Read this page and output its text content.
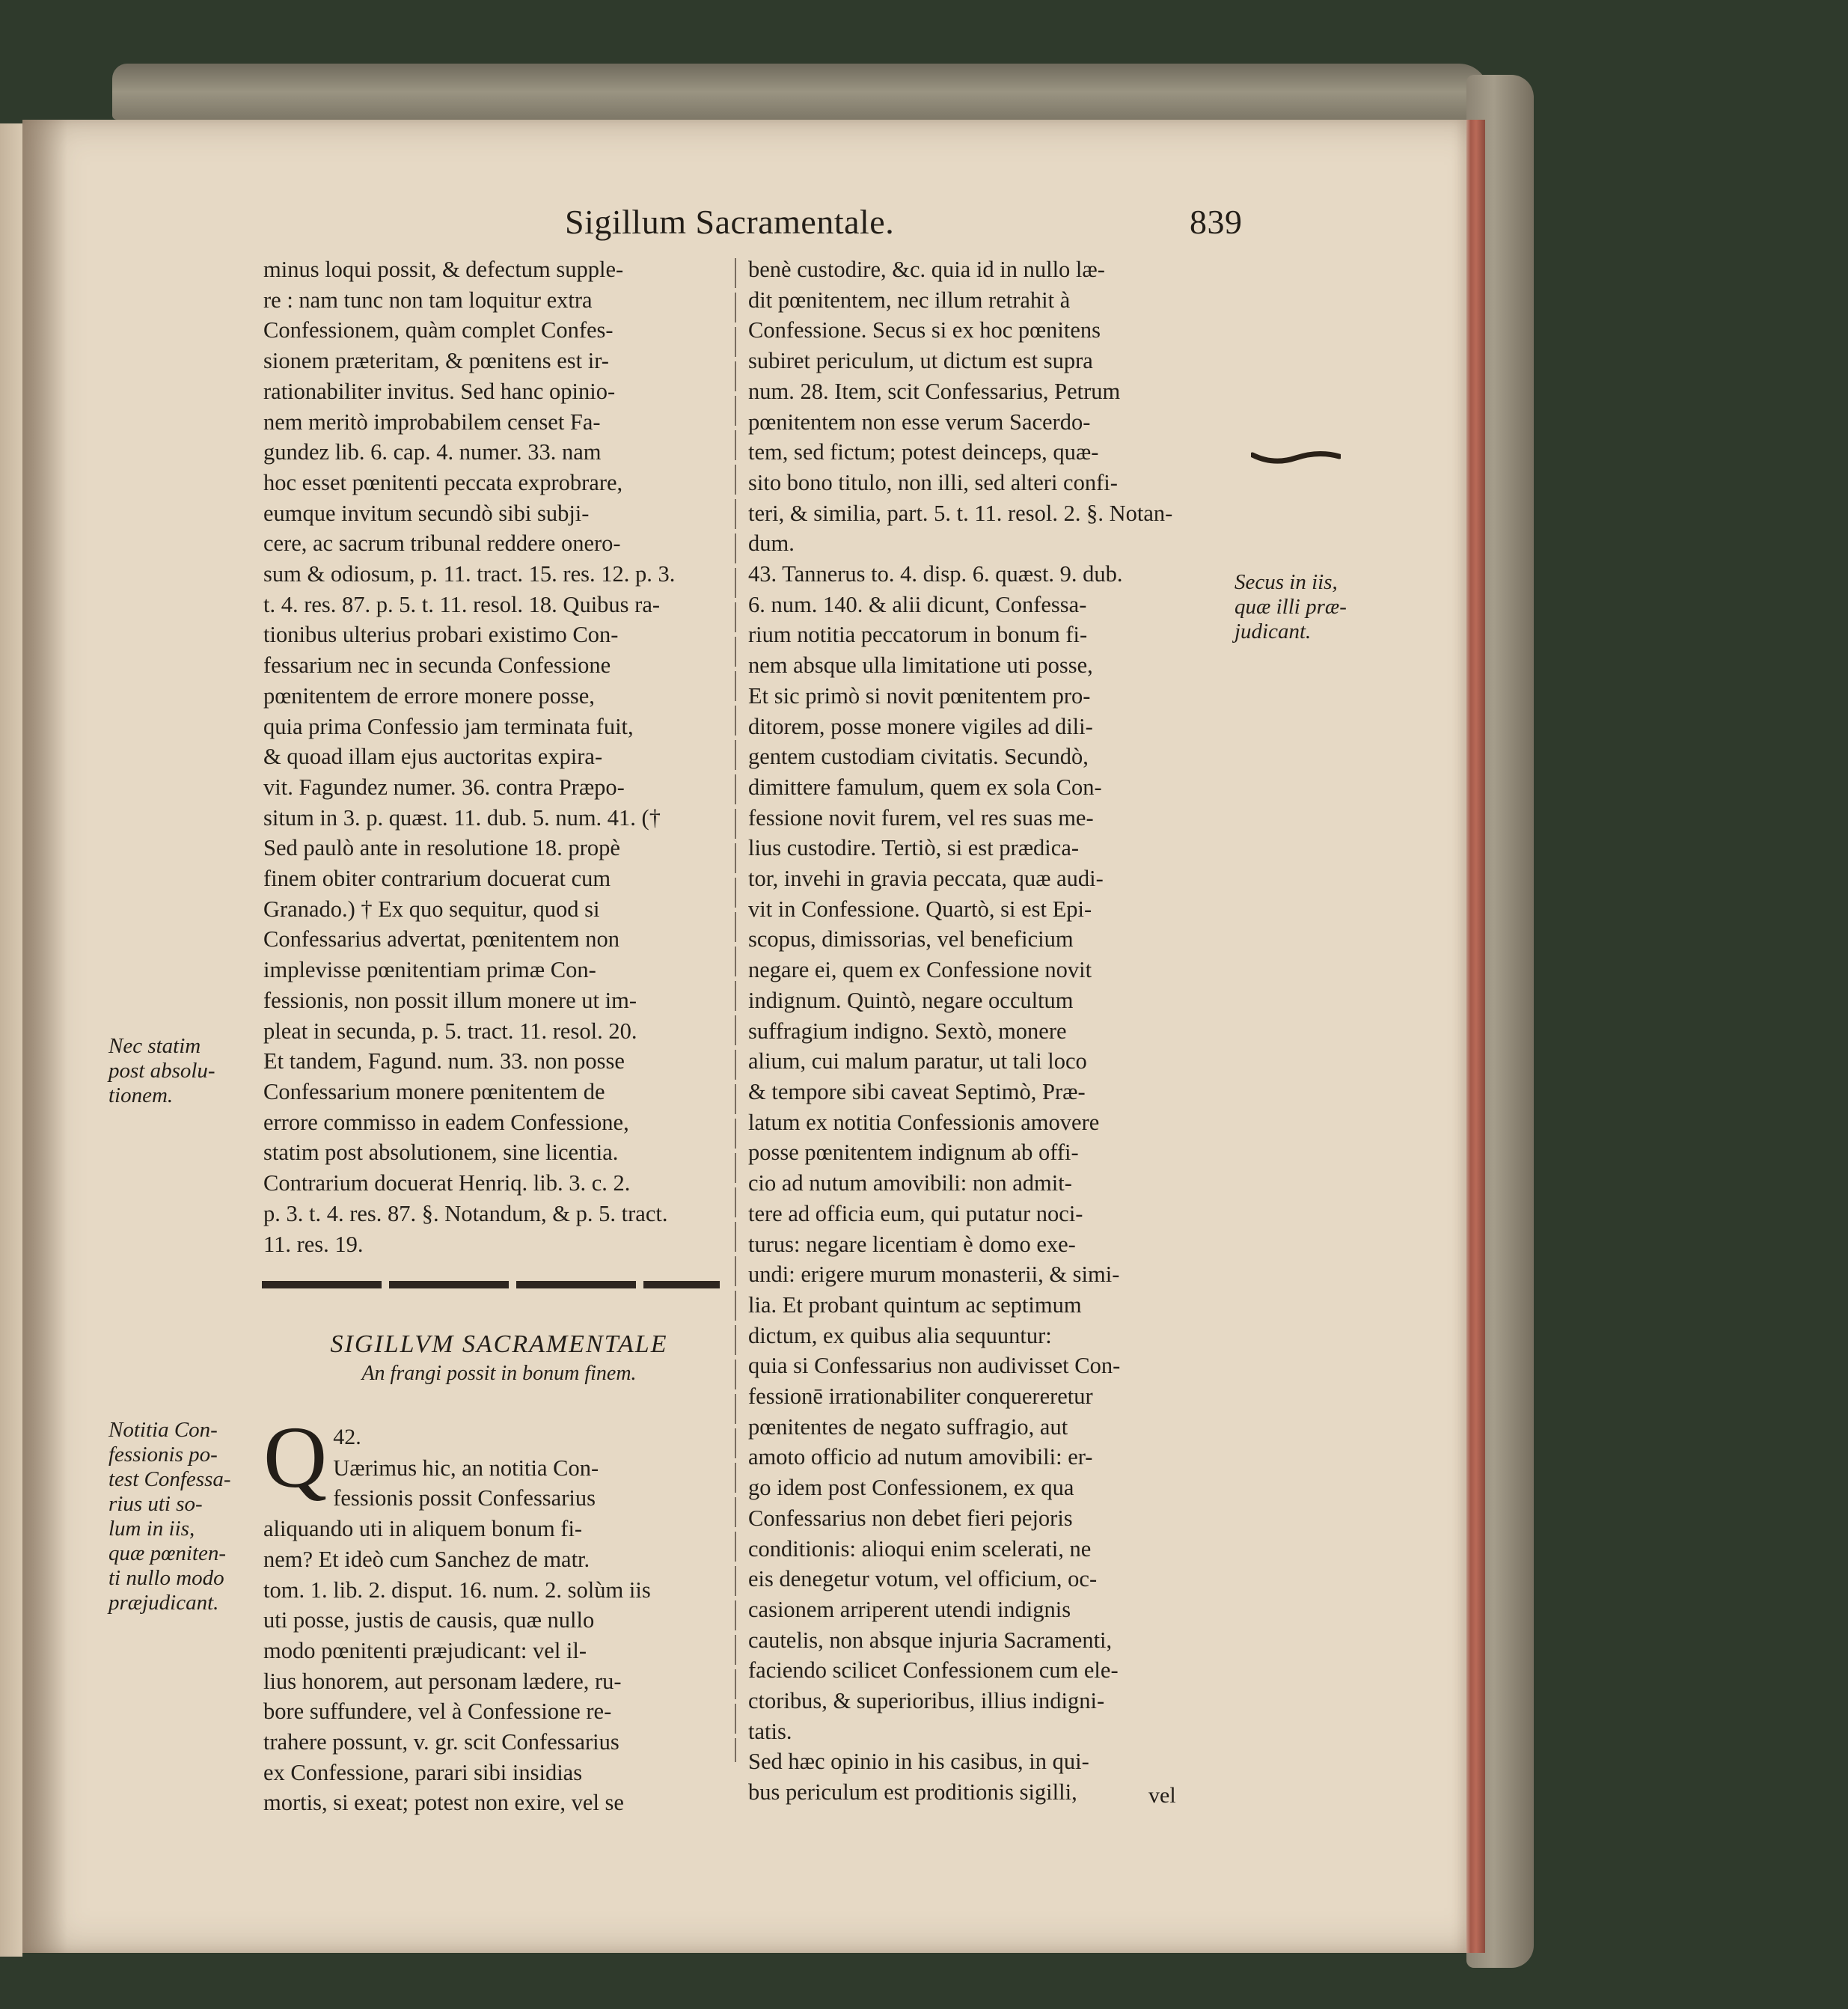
Sigillum Sacramentale.	839
minus loqui possit, & defectum supple-
re : nam tunc non tam loquitur extra
Confessionem, quàm complet Confes-
sionem præteritam, & pœnitens est ir-
rationabiliter invitus. Sed hanc opinio-
nem meritò improbabilem censet Fa-
gundez lib. 6. cap. 4. numer. 33. nam
hoc esset pœnitenti peccata exprobrare,
eumque invitum secundò sibi subji-
cere, ac sacrum tribunal reddere onero-
sum & odiosum, p. 11. tract. 15. res. 12. p. 3.
t. 4. res. 87. p. 5. t. 11. resol. 18. Quibus ra-
tionibus ulterius probari existimo Con-
fessarium nec in secunda Confessione
pœnitentem de errore monere posse,
quia prima Confessio jam terminata fuit,
& quoad illam ejus auctoritas expira-
vit. Fagundez numer. 36. contra Præpo-
situm in 3. p. quæst. 11. dub. 5. num. 41. (†
Sed paulò ante in resolutione 18. propè
finem obiter contrarium docuerat cum
Granado.) † Ex quo sequitur, quod si
Confessarius advertat, pœnitentem non
implevisse pœnitentiam primæ Con-
fessionis, non possit illum monere ut im-
pleat in secunda, p. 5. tract. 11. resol. 20.
Et tandem, Fagund. num. 33. non posse
Confessarium monere pœnitentem de
errore commisso in eadem Confessione,
statim post absolutionem, sine licentia.
Contrarium docuerat Henriq. lib. 3. c. 2.
p. 3. t. 4. res. 87. §. Notandum, & p. 5. tract.
11. res. 19.
SIGILLVM SACRAMENTALE
An frangi possit in bonum finem.

42.
Q Uærimus hic, an notitia Con-
fessionis possit Confessarius

aliquando uti in aliquem bonum fi-
nem? Et ideò cum Sanchez de matr.
tom. 1. lib. 2. disput. 16. num. 2. solùm iis
uti posse, justis de causis, quæ nullo
modo pœnitenti præjudicant: vel il-
lius honorem, aut personam lædere, ru-
bore suffundere, vel à Confessione re-
trahere possunt, v. gr. scit Confessarius
ex Confessione, parari sibi insidias
mortis, si exeat; potest non exire, vel se
benè custodire, &c. quia id in nullo læ-
dit pœnitentem, nec illum retrahit à
Confessione. Secus si ex hoc pœnitens
subiret periculum, ut dictum est supra
num. 28. Item, scit Confessarius, Petrum
pœnitentem non esse verum Sacerdo-
tem, sed fictum; potest deinceps, quæ-
sito bono titulo, non illi, sed alteri confi-
teri, & similia, part. 5. t. 11. resol. 2. §. Notan-
dum.
43. Tannerus to. 4. disp. 6. quæst. 9. dub.
6. num. 140. & alii dicunt, Confessa-
rium notitia peccatorum in bonum fi-
nem absque ulla limitatione uti posse,
Et sic primò si novit pœnitentem pro-
ditorem, posse monere vigiles ad dili-
gentem custodiam civitatis. Secundò,
dimittere famulum, quem ex sola Con-
fessione novit furem, vel res suas me-
lius custodire. Tertiò, si est prædica-
tor, invehi in gravia peccata, quæ audi-
vit in Confessione. Quartò, si est Epi-
scopus, dimissorias, vel beneficium
negare ei, quem ex Confessione novit
indignum. Quintò, negare occultum
suffragium indigno. Sextò, monere
alium, cui malum paratur, ut tali loco
& tempore sibi caveat Septimò, Præ-
latum ex notitia Confessionis amovere
posse pœnitentem indignum ab offi-
cio ad nutum amovibili: non admit-
tere ad officia eum, qui putatur noci-
turus: negare licentiam è domo exe-
undi: erigere murum monasterii, & simi-
lia. Et probant quintum ac septimum
dictum, ex quibus alia sequuntur:
quia si Confessarius non audivisset Con-
fessionē irrationabiliter conquereretur
pœnitentes de negato suffragio, aut
amoto officio ad nutum amovibili: er-
go idem post Confessionem, ex qua
Confessarius non debet fieri pejoris
conditionis: alioqui enim scelerati, ne
eis denegetur votum, vel officium, oc-
casionem arriperent utendi indignis
cautelis, non absque injuria Sacramenti,
faciendo scilicet Confessionem cum ele-
ctoribus, & superioribus, illius indigni-
tatis.
Sed hæc opinio in his casibus, in qui-
bus periculum est proditionis sigilli,
Nec statim
post absolu-
tionem.
Notitia Con-
fessionis po-
test Confessa-
rius uti so-
lum in iis,
quæ pœniten-
ti nullo modo
præjudicant.
Secus in iis,
quæ illi præ-
judicant.
vel
